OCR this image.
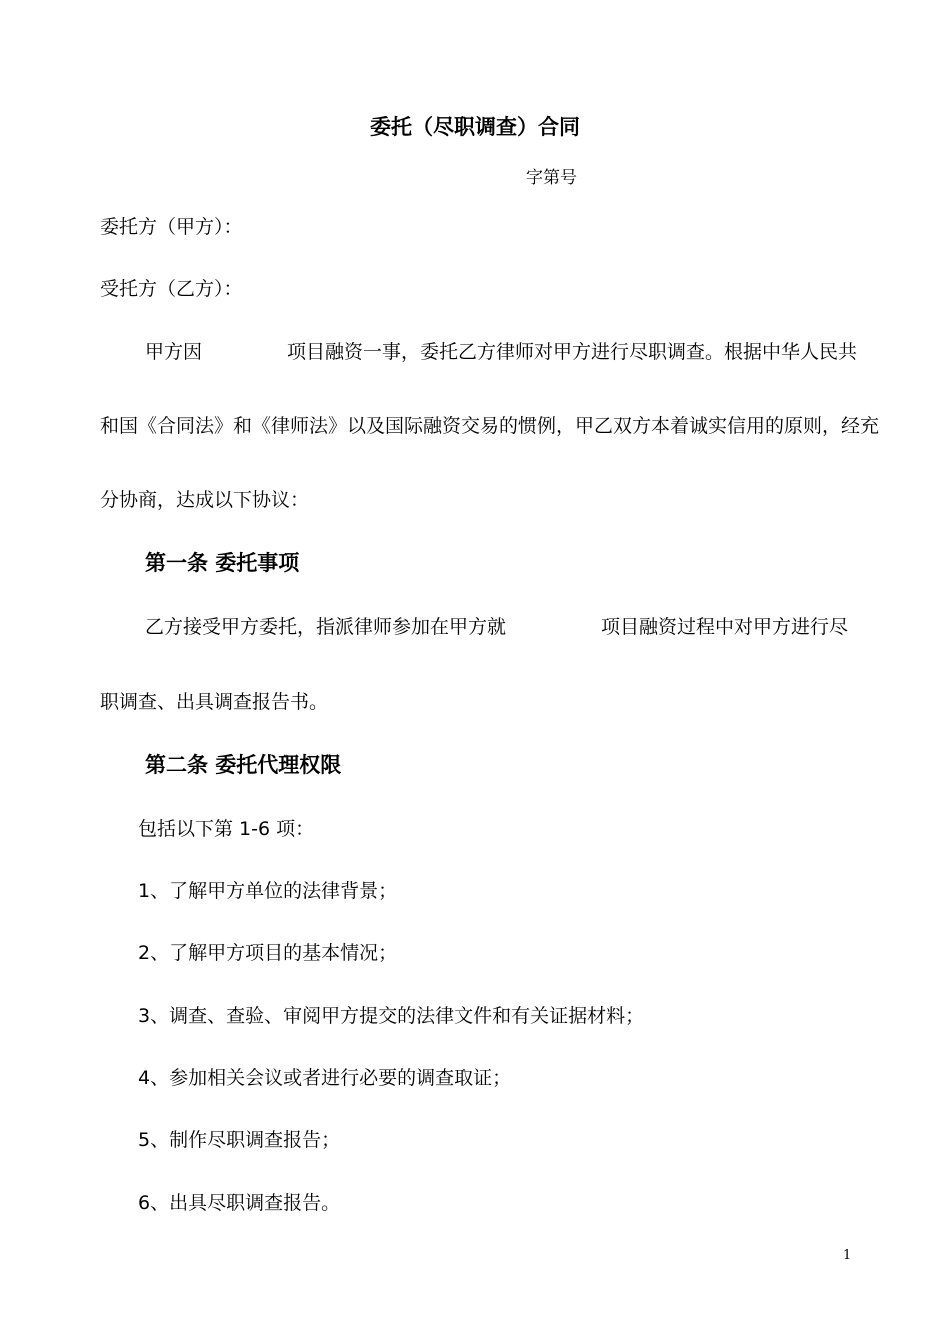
委托（尽职调查）合同
字第号
委托方（甲方）：
受托方（乙方）：
甲方因	项目融资一事，委托乙方律师对甲方进行尽职调查。根据中华人民共
和国《合同法》和《律师法》以及国际融资交易的惯例，甲乙双方本着诚实信用的原则，经充
分协商，达成以下协议：
第一条 委托事项
乙方接受甲方委托，指派律师参加在甲方就	项目融资过程中对甲方进行尽
职调查、出具调查报告书。
第二条 委托代理权限
包括以下第 1-6 项：
1、了解甲方单位的法律背景；
2、了解甲方项目的基本情况；
3、调查、查验、审阅甲方提交的法律文件和有关证据材料；
4、参加相关会议或者进行必要的调查取证；
5、制作尽职调查报告；
6、出具尽职调查报告。
1
